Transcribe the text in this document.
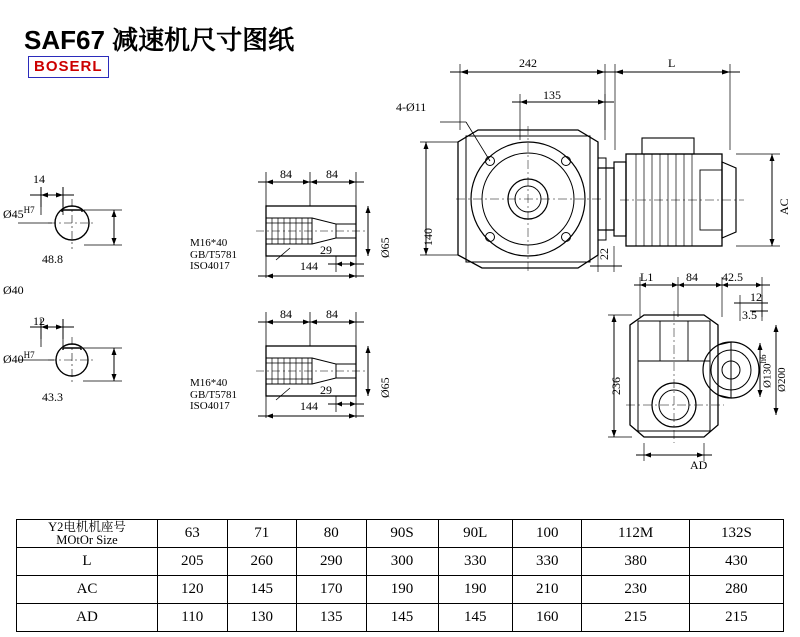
SAF67 减速机尺寸图纸
BOSERL
14
$Ø45^{H7}$
48.8
Ø40
12
$Ø40^{H7}$
43.3
84	84
29
144
Ø65
M16*40
GB/T5781
ISO4017
84	84
29
144
Ø65
M16*40
GB/T5781
ISO4017
242	L
135
4-Ø11
140
22
AC
L1	84 42.5
12
3.5
236	$Ø130^{h6}$
Ø200
AD
Y2电机机座号
MOtOr Size	63	71	80	90S	90L	100	112M	132S
L	205	260	290	300	330	330	380	430
AC	120	145	170	190	190	210	230	280
AD	110	130	135	145	145	160	215	215
